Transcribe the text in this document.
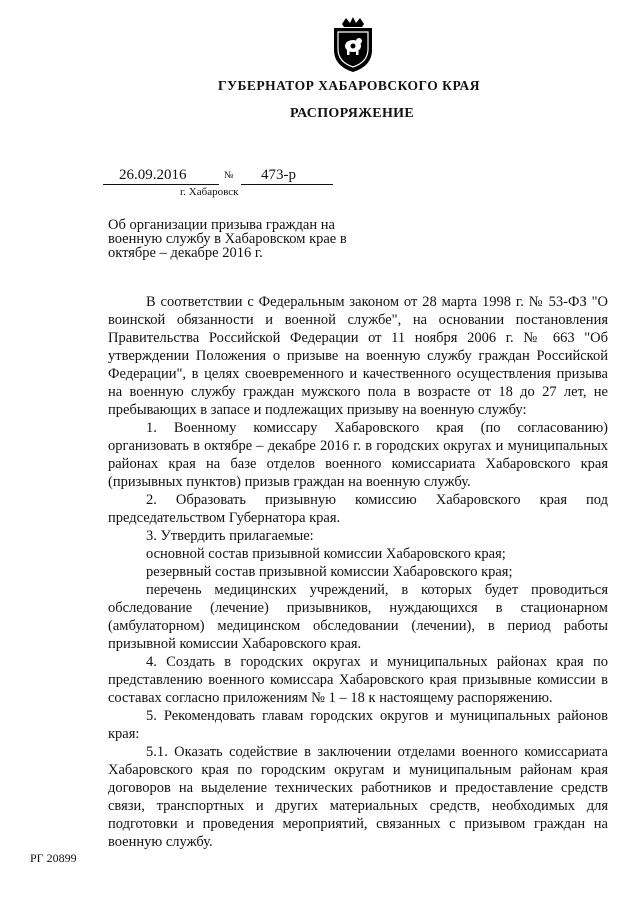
ГУБЕРНАТОР ХАБАРОВСКОГО КРАЯ
РАСПОРЯЖЕНИЕ
26.09.2016	№ 473-р
г. Хабаровск
Об организации призыва граждан на военную службу в Хабаровском крае в октябре – декабре 2016 г.

В соответствии с Федеральным законом от 28 марта 1998 г. № 53-ФЗ "О воинской обязанности и военной службе", на основании постановления Правительства Российской Федерации от 11 ноября 2006 г. № 663 "Об утверждении Положения о призыве на военную службу граждан Российской Федерации", в целях своевременного и качественного осуществления призыва на военную службу граждан мужского пола в возрасте от 18 до 27 лет, не пребывающих в запасе и подлежащих призыву на военную службу:

1. Военному комиссару Хабаровского края (по согласованию) организовать в октябре – декабре 2016 г. в городских округах и муниципальных районах края на базе отделов военного комиссариата Хабаровского края (призывных пунктов) призыв граждан на военную службу.

2. Образовать призывную комиссию Хабаровского края под председательством Губернатора края.

3. Утвердить прилагаемые:

основной состав призывной комиссии Хабаровского края;

резервный состав призывной комиссии Хабаровского края;

перечень медицинских учреждений, в которых будет проводиться обследование (лечение) призывников, нуждающихся в стационарном (амбулаторном) медицинском обследовании (лечении), в период работы призывной комиссии Хабаровского края.

4. Создать в городских округах и муниципальных районах края по представлению военного комиссара Хабаровского края призывные комиссии в составах согласно приложениям № 1 – 18 к настоящему распоряжению.

5. Рекомендовать главам городских округов и муниципальных районов края:

5.1. Оказать содействие в заключении отделами военного комиссариата Хабаровского края по городским округам и муниципальным районам края договоров на выделение технических работников и предоставление средств связи, транспортных и других материальных средств, необходимых для подготовки и проведения мероприятий, связанных с призывом граждан на военную службу.

РГ 20899
